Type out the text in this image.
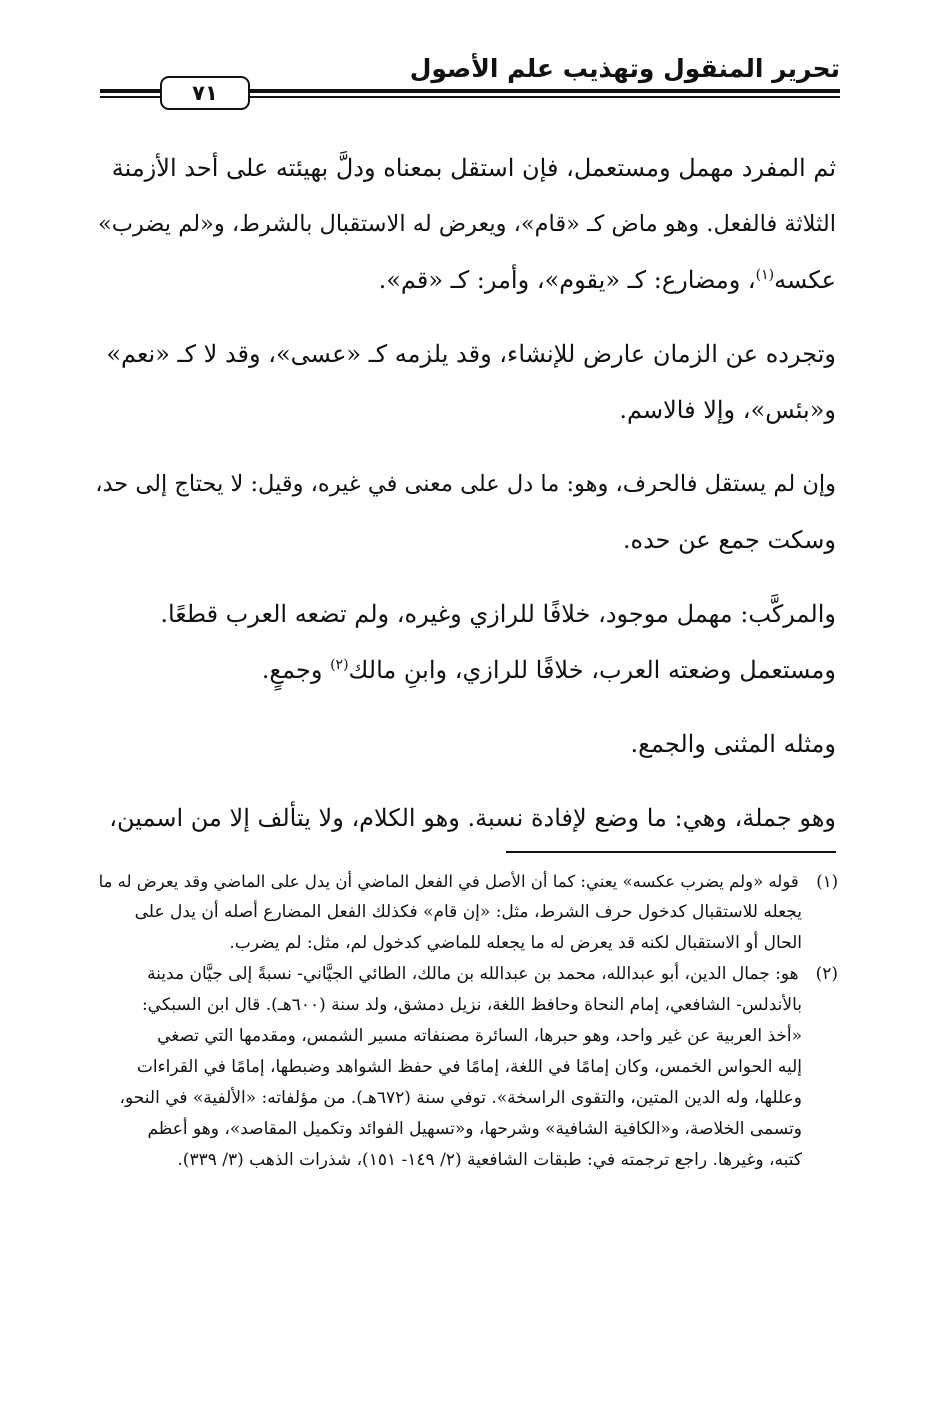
تحرير المنقول وتهذيب علم الأصول
٧١

ثم المفرد مهمل ومستعمل، فإن استقل بمعناه ودلَّ بهيئته على أحد الأزمنة
الثلاثة فالفعل. وهو ماض كـ «قام»، ويعرض له الاستقبال بالشرط، و«لم يضرب»
عكسه$^{(١)}$، ومضارع: كـ «يقوم»، وأمر: كـ «قم».

وتجرده عن الزمان عارض للإنشاء، وقد يلزمه كـ «عسى»، وقد لا كـ «نعم»
و«بئس»، وإلا فالاسم.

وإن لم يستقل فالحرف، وهو: ما دل على معنى في غيره، وقيل: لا يحتاج إلى حد،
وسكت جمع عن حده.

والمركَّب: مهمل موجود، خلافًا للرازي وغيره، ولم تضعه العرب قطعًا.
ومستعمل وضعته العرب، خلافًا للرازي، وابنِ مالك$^{(٢)}$ وجمعٍ.

ومثله المثنى والجمع.

وهو جملة، وهي: ما وضع لإفادة نسبة. وهو الكلام، ولا يتألف إلا من اسمين،

(١) قوله «ولم يضرب عكسه» يعني: كما أن الأصل في الفعل الماضي أن يدل على الماضي وقد يعرض له ما
يجعله للاستقبال كدخول حرف الشرط، مثل: «إن قام» فكذلك الفعل المضارع أصله أن يدل على
الحال أو الاستقبال لكنه قد يعرض له ما يجعله للماضي كدخول لم، مثل: لم يضرب.
(٢) هو: جمال الدين، أبو عبدالله، محمد بن عبدالله بن مالك، الطائي الجيَّاني- نسبةً إلى جيَّان مدينة
بالأندلس- الشافعي، إمام النحاة وحافظ اللغة، نزيل دمشق، ولد سنة (٦٠٠هـ). قال ابن السبكي:
«أخذ العربية عن غير واحد، وهو حبرها، السائرة مصنفاته مسير الشمس، ومقدمها التي تصغي
إليه الحواس الخمس، وكان إمامًا في اللغة، إمامًا في حفظ الشواهد وضبطها، إمامًا في القراءات
وعللها، وله الدين المتين، والتقوى الراسخة». توفي سنة (٦٧٢هـ). من مؤلفاته: «الألفية» في النحو،
وتسمى الخلاصة، و«الكافية الشافية» وشرحها، و«تسهيل الفوائد وتكميل المقاصد»، وهو أعظم
كتبه، وغيرها. راجع ترجمته في: طبقات الشافعية (٢/ ١٤٩- ١٥١)، شذرات الذهب (٣/ ٣٣٩).
